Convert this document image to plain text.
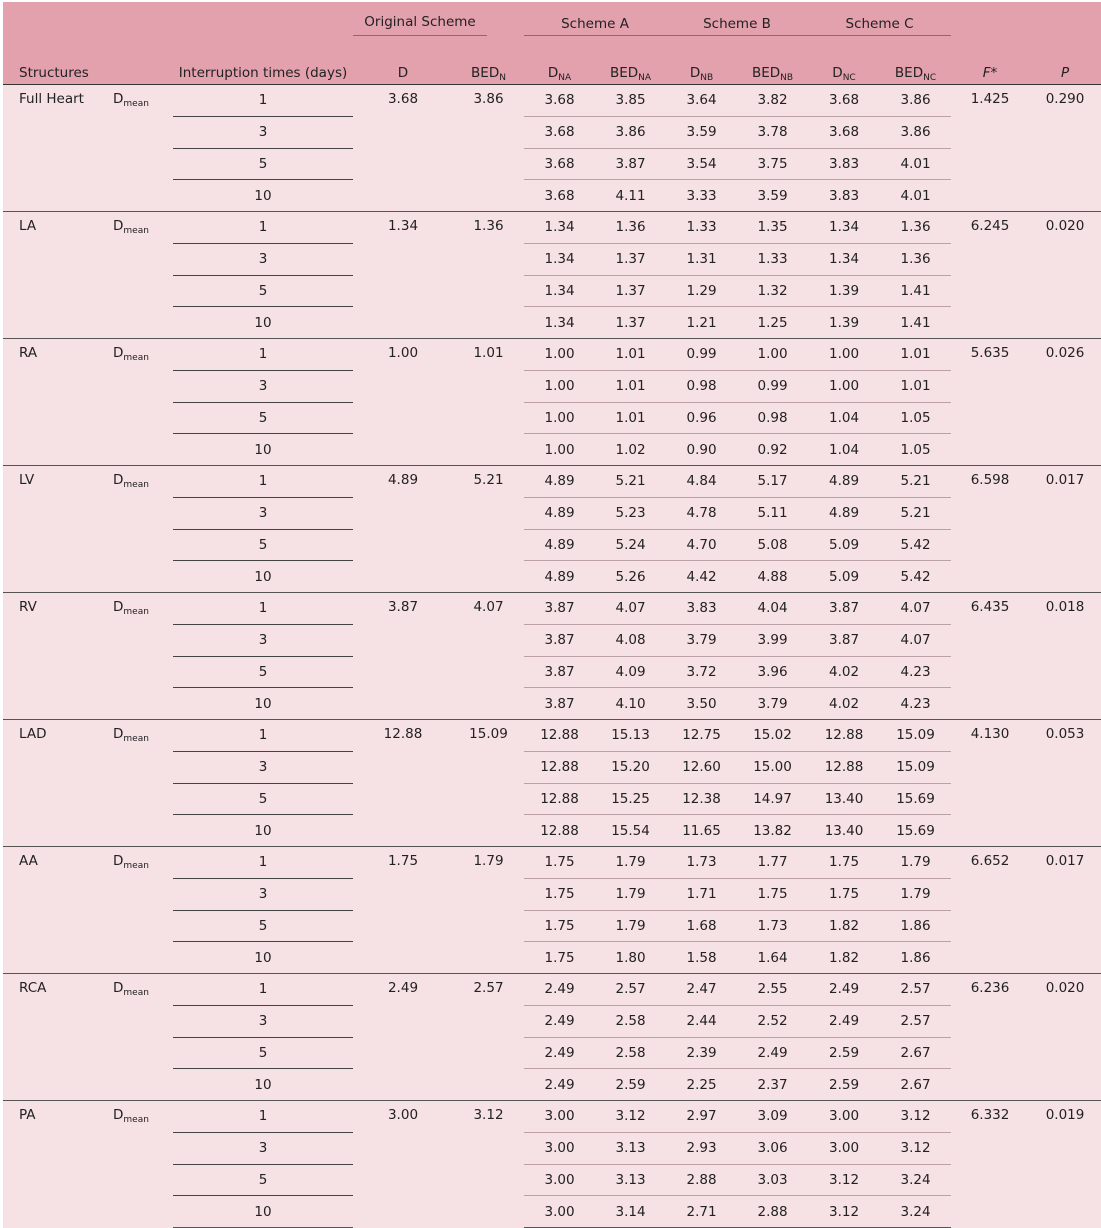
			Original Scheme			Scheme A		Scheme B		Scheme C			

Structures		Interruption times (days)	D	$BED_N$		$D_{NA}$	$BED_{NA}$	$D_{NB}$	$BED_{NB}$	$D_{NC}$	$BED_{NC}$	F*	P
Full Heart	$D_{mean}$	1	3.68	3.86		3.68	3.85	3.64	3.82	3.68	3.86	1.425	0.290
		3				3.68	3.86	3.59	3.78	3.68	3.86		
		5				3.68	3.87	3.54	3.75	3.83	4.01		
		10				3.68	4.11	3.33	3.59	3.83	4.01		
LA	$D_{mean}$	1	1.34	1.36		1.34	1.36	1.33	1.35	1.34	1.36	6.245	0.020
		3				1.34	1.37	1.31	1.33	1.34	1.36		
		5				1.34	1.37	1.29	1.32	1.39	1.41		
		10				1.34	1.37	1.21	1.25	1.39	1.41		
RA	$D_{mean}$	1	1.00	1.01		1.00	1.01	0.99	1.00	1.00	1.01	5.635	0.026
		3				1.00	1.01	0.98	0.99	1.00	1.01		
		5				1.00	1.01	0.96	0.98	1.04	1.05		
		10				1.00	1.02	0.90	0.92	1.04	1.05		
LV	$D_{mean}$	1	4.89	5.21		4.89	5.21	4.84	5.17	4.89	5.21	6.598	0.017
		3				4.89	5.23	4.78	5.11	4.89	5.21		
		5				4.89	5.24	4.70	5.08	5.09	5.42		
		10				4.89	5.26	4.42	4.88	5.09	5.42		
RV	$D_{mean}$	1	3.87	4.07		3.87	4.07	3.83	4.04	3.87	4.07	6.435	0.018
		3				3.87	4.08	3.79	3.99	3.87	4.07		
		5				3.87	4.09	3.72	3.96	4.02	4.23		
		10				3.87	4.10	3.50	3.79	4.02	4.23		
LAD	$D_{mean}$	1	12.88	15.09		12.88	15.13	12.75	15.02	12.88	15.09	4.130	0.053
		3				12.88	15.20	12.60	15.00	12.88	15.09		
		5				12.88	15.25	12.38	14.97	13.40	15.69		
		10				12.88	15.54	11.65	13.82	13.40	15.69		
AA	$D_{mean}$	1	1.75	1.79		1.75	1.79	1.73	1.77	1.75	1.79	6.652	0.017
		3				1.75	1.79	1.71	1.75	1.75	1.79		
		5				1.75	1.79	1.68	1.73	1.82	1.86		
		10				1.75	1.80	1.58	1.64	1.82	1.86		
RCA	$D_{mean}$	1	2.49	2.57		2.49	2.57	2.47	2.55	2.49	2.57	6.236	0.020
		3				2.49	2.58	2.44	2.52	2.49	2.57		
		5				2.49	2.58	2.39	2.49	2.59	2.67		
		10				2.49	2.59	2.25	2.37	2.59	2.67		
PA	$D_{mean}$	1	3.00	3.12		3.00	3.12	2.97	3.09	3.00	3.12	6.332	0.019
		3				3.00	3.13	2.93	3.06	3.00	3.12		
		5				3.00	3.13	2.88	3.03	3.12	3.24		
		10				3.00	3.14	2.71	2.88	3.12	3.24		
